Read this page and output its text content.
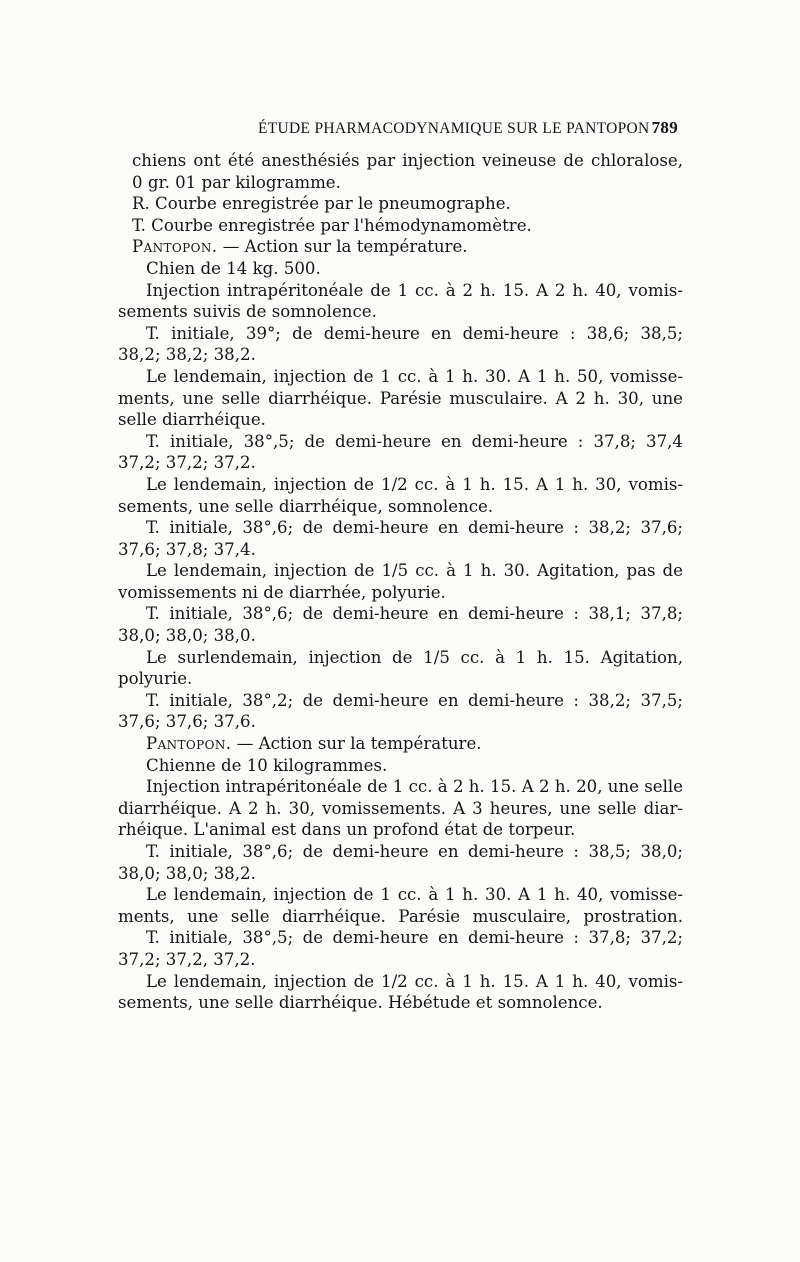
ÉTUDE PHARMACODYNAMIQUE SUR LE PANTOPON 789
chiens ont été anesthésiés par injection veineuse de chloralose,
0 gr. 01 par kilogramme.
R. Courbe enregistrée par le pneumographe.
T. Courbe enregistrée par l'hémodynamomètre.
Pantopon. — Action sur la température.
Chien de 14 kg. 500.
Injection intrapéritonéale de 1 cc. à 2 h. 15. A 2 h. 40, vomis-
sements suivis de somnolence.
T. initiale, 39°; de demi-heure en demi-heure : 38,6; 38,5;
38,2; 38,2; 38,2.
Le lendemain, injection de 1 cc. à 1 h. 30. A 1 h. 50, vomisse-
ments, une selle diarrhéique. Parésie musculaire. A 2 h. 30, une
selle diarrhéique.
T. initiale, 38°,5; de demi-heure en demi-heure : 37,8; 37,4
37,2; 37,2; 37,2.
Le lendemain, injection de 1/2 cc. à 1 h. 15. A 1 h. 30, vomis-
sements, une selle diarrhéique, somnolence.
T. initiale, 38°,6; de demi-heure en demi-heure : 38,2; 37,6;
37,6; 37,8; 37,4.
Le lendemain, injection de 1/5 cc. à 1 h. 30. Agitation, pas de
vomissements ni de diarrhée, polyurie.
T. initiale, 38°,6; de demi-heure en demi-heure : 38,1; 37,8;
38,0; 38,0; 38,0.
Le surlendemain, injection de 1/5 cc. à 1 h. 15. Agitation,
polyurie.
T. initiale, 38°,2; de demi-heure en demi-heure : 38,2; 37,5;
37,6; 37,6; 37,6.
Pantopon. — Action sur la température.
Chienne de 10 kilogrammes.
Injection intrapéritonéale de 1 cc. à 2 h. 15. A 2 h. 20, une selle
diarrhéique. A 2 h. 30, vomissements. A 3 heures, une selle diar-
rhéique. L'animal est dans un profond état de torpeur.
T. initiale, 38°,6; de demi-heure en demi-heure : 38,5; 38,0;
38,0; 38,0; 38,2.
Le lendemain, injection de 1 cc. à 1 h. 30. A 1 h. 40, vomisse-
ments, une selle diarrhéique. Parésie musculaire, prostration.
T. initiale, 38°,5; de demi-heure en demi-heure : 37,8; 37,2;
37,2; 37,2, 37,2.
Le lendemain, injection de 1/2 cc. à 1 h. 15. A 1 h. 40, vomis-
sements, une selle diarrhéique. Hébétude et somnolence.
